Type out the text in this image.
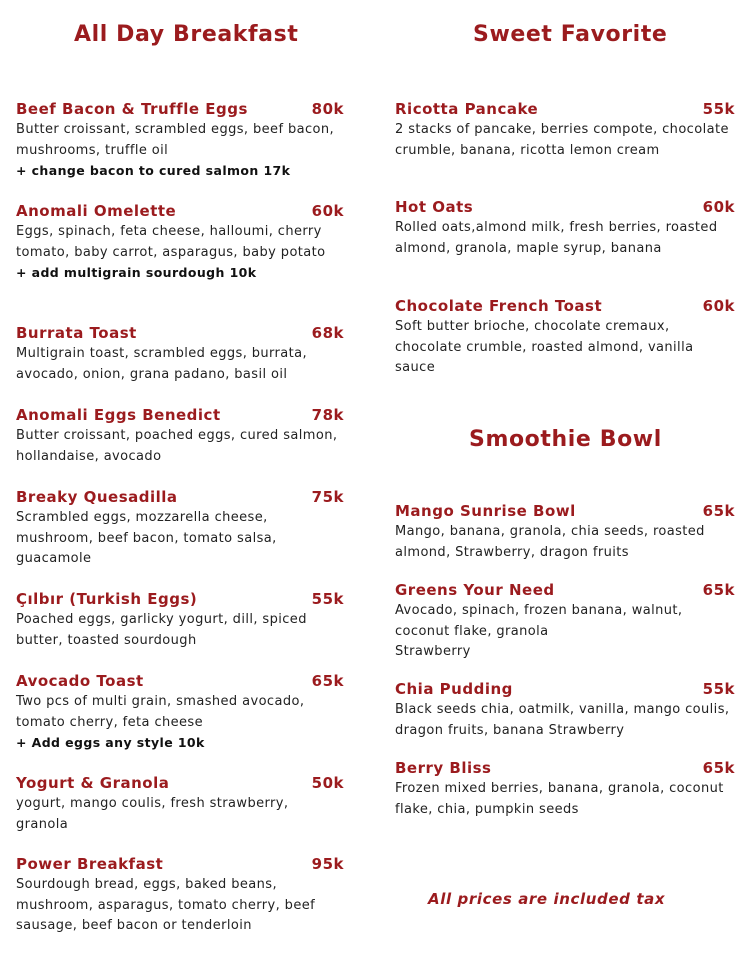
All Day Breakfast
Beef Bacon & Truffle Eggs	80k
Butter croissant, scrambled eggs, beef bacon, mushrooms, truffle oil
+ change bacon to cured salmon 17k
Anomali Omelette	60k
Eggs, spinach, feta cheese, halloumi, cherry tomato, baby carrot, asparagus, baby potato
+ add multigrain sourdough 10k
Burrata Toast	68k
Multigrain toast, scrambled eggs, burrata, avocado, onion, grana padano, basil oil
Anomali Eggs Benedict	78k
Butter croissant, poached eggs, cured salmon, hollandaise, avocado
Breaky Quesadilla	75k
Scrambled eggs, mozzarella cheese, mushroom, beef bacon, tomato salsa, guacamole
Çılbır (Turkish Eggs)	55k
Poached eggs, garlicky yogurt, dill, spiced butter, toasted sourdough
Avocado Toast	65k
Two pcs of multi grain, smashed avocado, tomato cherry, feta cheese
+ Add eggs any style 10k
Yogurt & Granola	50k
yogurt, mango coulis, fresh strawberry, granola
Power Breakfast	95k
Sourdough bread, eggs, baked beans, mushroom, asparagus, tomato cherry, beef sausage, beef bacon or tenderloin
Sweet Favorite
Ricotta Pancake	55k
2 stacks of pancake, berries compote, chocolate crumble, banana, ricotta lemon cream
Hot Oats	60k
Rolled oats,almond milk, fresh berries, roasted almond, granola, maple syrup, banana
Chocolate French Toast	60k
Soft butter brioche, chocolate cremaux, chocolate crumble, roasted almond, vanilla sauce
Smoothie Bowl
Mango Sunrise Bowl	65k
Mango, banana, granola, chia seeds, roasted almond, Strawberry, dragon fruits
Greens Your Need	65k
Avocado, spinach, frozen banana, walnut, coconut flake, granola
Strawberry
Chia Pudding	55k
Black seeds chia, oatmilk, vanilla, mango coulis, dragon fruits, banana Strawberry
Berry Bliss	65k
Frozen mixed berries, banana, granola, coconut flake, chia, pumpkin seeds
All prices are included tax
